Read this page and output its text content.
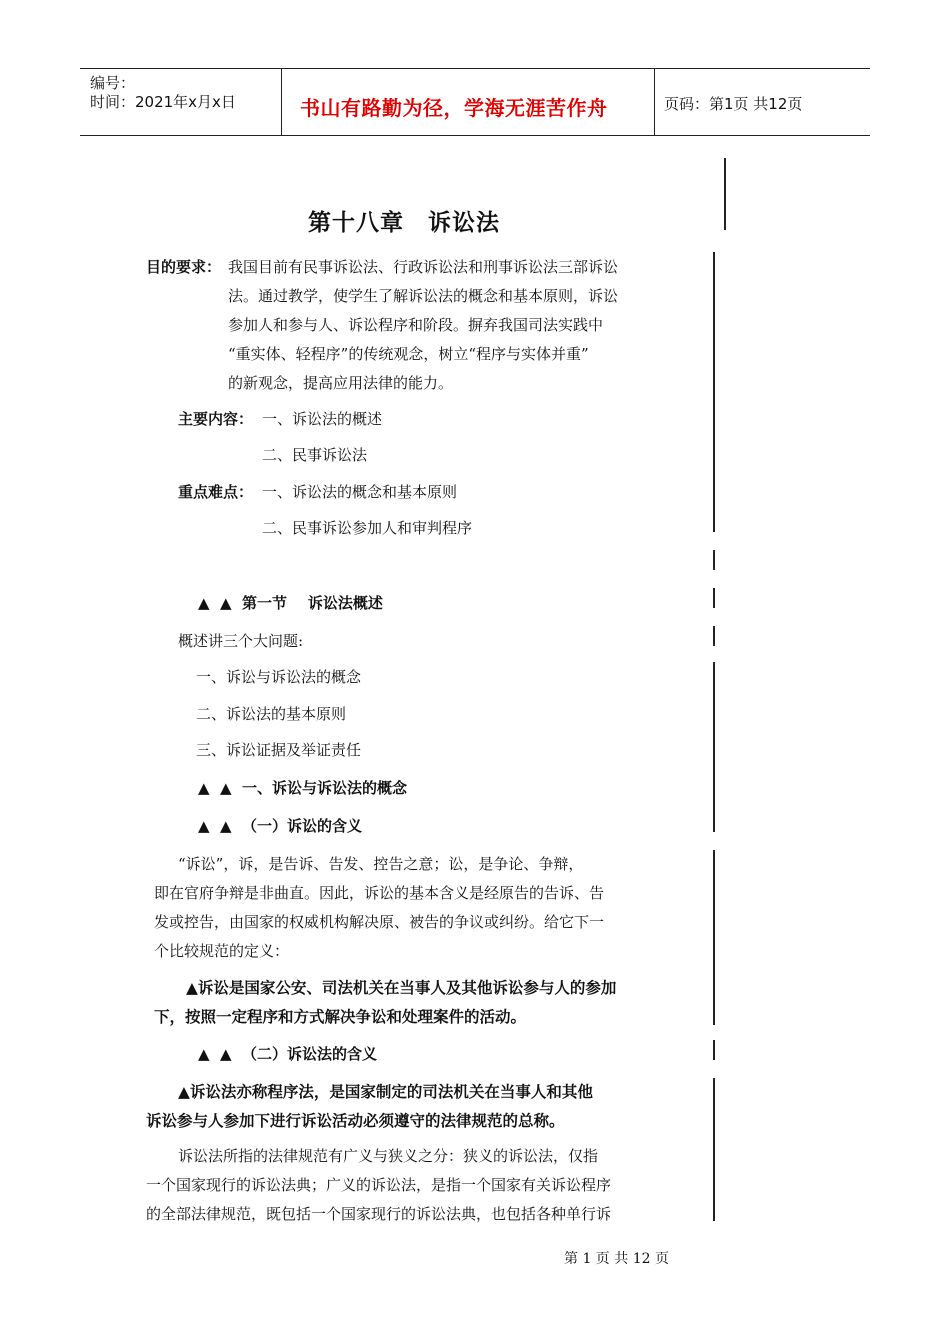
编号：
时间：2021年x月x日	书山有路勤为径，学海无涯苦作舟	页码：第1页 共12页
第十八章　诉讼法
目的要求： 我国目前有民事诉讼法、行政诉讼法和刑事诉讼法三部诉讼
法。通过教学，使学生了解诉讼法的概念和基本原则，诉讼
参加人和参与人、诉讼程序和阶段。摒弃我国司法实践中
“重实体、轻程序”的传统观念，树立“程序与实体并重”
的新观念，提高应用法律的能力。
主要内容： 一、诉讼法的概述
二、民事诉讼法
重点难点： 一、诉讼法的概念和基本原则
二、民事诉讼参加人和审判程序
▲  ▲  第一节    诉讼法概述
概述讲三个大问题:
一、诉讼与诉讼法的概念
二、诉讼法的基本原则
三、诉讼证据及举证责任
▲  ▲  一、诉讼与诉讼法的概念
▲  ▲  （一）诉讼的含义
“诉讼”，诉，是告诉、告发、控告之意；讼，是争论、争辩，
即在官府争辩是非曲直。因此，诉讼的基本含义是经原告的告诉、告
发或控告，由国家的权威机构解决原、被告的争议或纠纷。给它下一
个比较规范的定义：
▲诉讼是国家公安、司法机关在当事人及其他诉讼参与人的参加
下，按照一定程序和方式解决争讼和处理案件的活动。
▲  ▲  （二）诉讼法的含义
▲诉讼法亦称程序法，是国家制定的司法机关在当事人和其他
诉讼参与人参加下进行诉讼活动必须遵守的法律规范的总称。
诉讼法所指的法律规范有广义与狭义之分：狭义的诉讼法，仅指
一个国家现行的诉讼法典；广义的诉讼法，是指一个国家有关诉讼程序
的全部法律规范，既包括一个国家现行的诉讼法典，也包括各种单行诉
第 1 页 共 12 页
